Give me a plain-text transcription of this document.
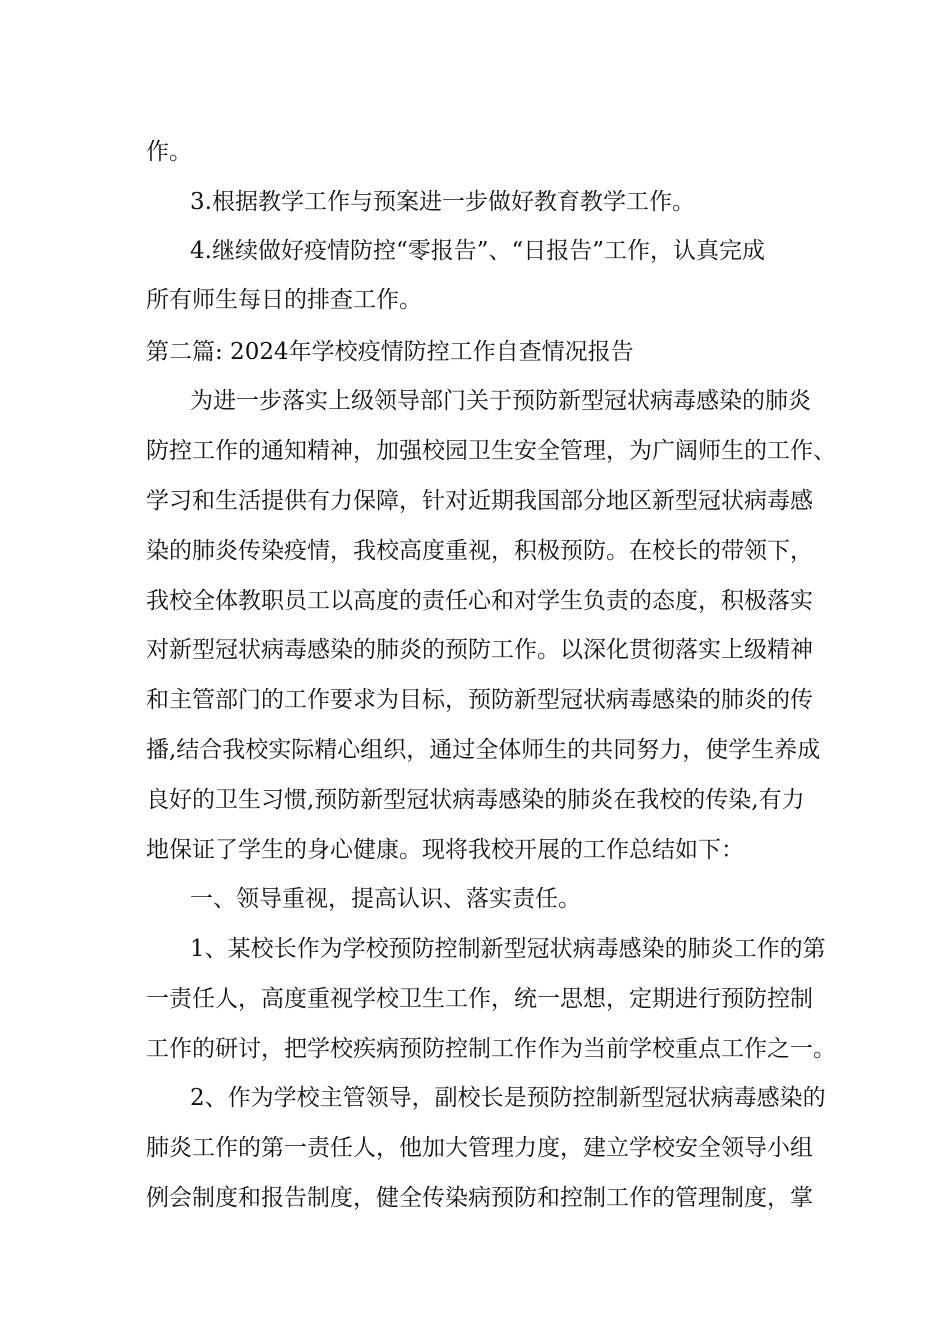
作。
3.根据教学工作与预案进一步做好教育教学工作。
4.继续做好疫情防控“零报告”、“日报告”工作，认真完成
所有师生每日的排查工作。
第二篇: 2024年学校疫情防控工作自查情况报告
为进一步落实上级领导部门关于预防新型冠状病毒感染的肺炎
防控工作的通知精神，加强校园卫生安全管理，为广阔师生的工作、
学习和生活提供有力保障，针对近期我国部分地区新型冠状病毒感
染的肺炎传染疫情，我校高度重视，积极预防。在校长的带领下，
我校全体教职员工以高度的责任心和对学生负责的态度，积极落实
对新型冠状病毒感染的肺炎的预防工作。以深化贯彻落实上级精神
和主管部门的工作要求为目标，预防新型冠状病毒感染的肺炎的传
播,结合我校实际精心组织，通过全体师生的共同努力，使学生养成
良好的卫生习惯,预防新型冠状病毒感染的肺炎在我校的传染,有力
地保证了学生的身心健康。现将我校开展的工作总结如下：
一、领导重视，提高认识、落实责任。
1、某校长作为学校预防控制新型冠状病毒感染的肺炎工作的第
一责任人，高度重视学校卫生工作，统一思想，定期进行预防控制
工作的研讨，把学校疾病预防控制工作作为当前学校重点工作之一。
2、作为学校主管领导，副校长是预防控制新型冠状病毒感染的
肺炎工作的第一责任人，他加大管理力度，建立学校安全领导小组
例会制度和报告制度，健全传染病预防和控制工作的管理制度，掌
